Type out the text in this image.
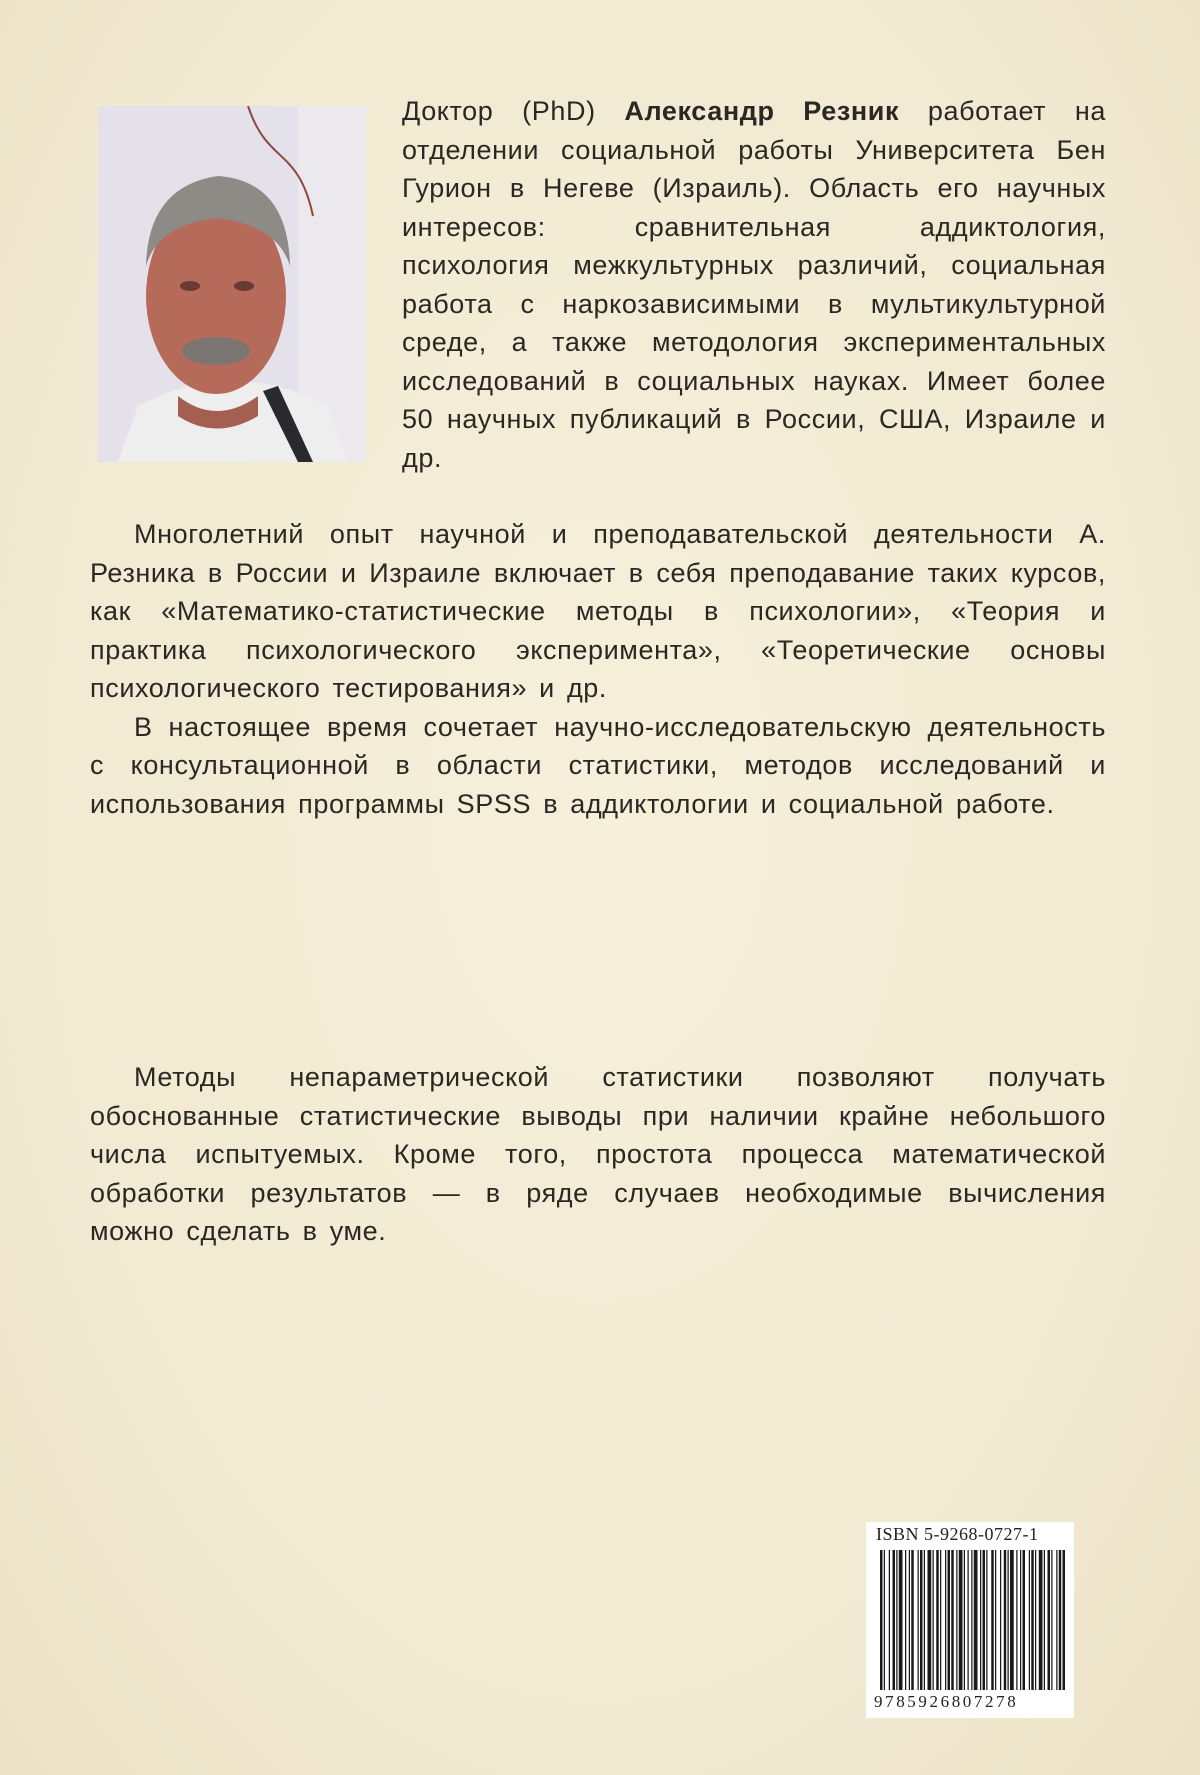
Доктор (PhD) Александр Резник работает на отделении социальной работы Университета Бен Гурион в Негеве (Израиль). Область его научных интересов: сравнительная аддиктология, психология межкультурных различий, социальная работа с наркозависимыми в мультикультурной среде, а также методология экспериментальных исследований в социальных науках. Имеет более 50 научных публикаций в России, США, Израиле и др.

Многолетний опыт научной и преподавательской деятельности А. Резника в России и Израиле включает в себя преподавание таких курсов, как «Математико-статистические методы в психологии», «Теория и практика психологического эксперимента», «Теоретические основы психологического тестирования» и др.

В настоящее время сочетает научно-исследовательскую деятельность с консультационной в области статистики, методов исследований и использования программы SPSS в аддиктологии и социальной работе.

Методы непараметрической статистики позволяют получать обоснованные статистические выводы при наличии крайне небольшого числа испытуемых. Кроме того, простота процесса математической обработки результатов — в ряде случаев необходимые вычисления можно сделать в уме.

ISBN 5-9268-0727-1
9785926807278
